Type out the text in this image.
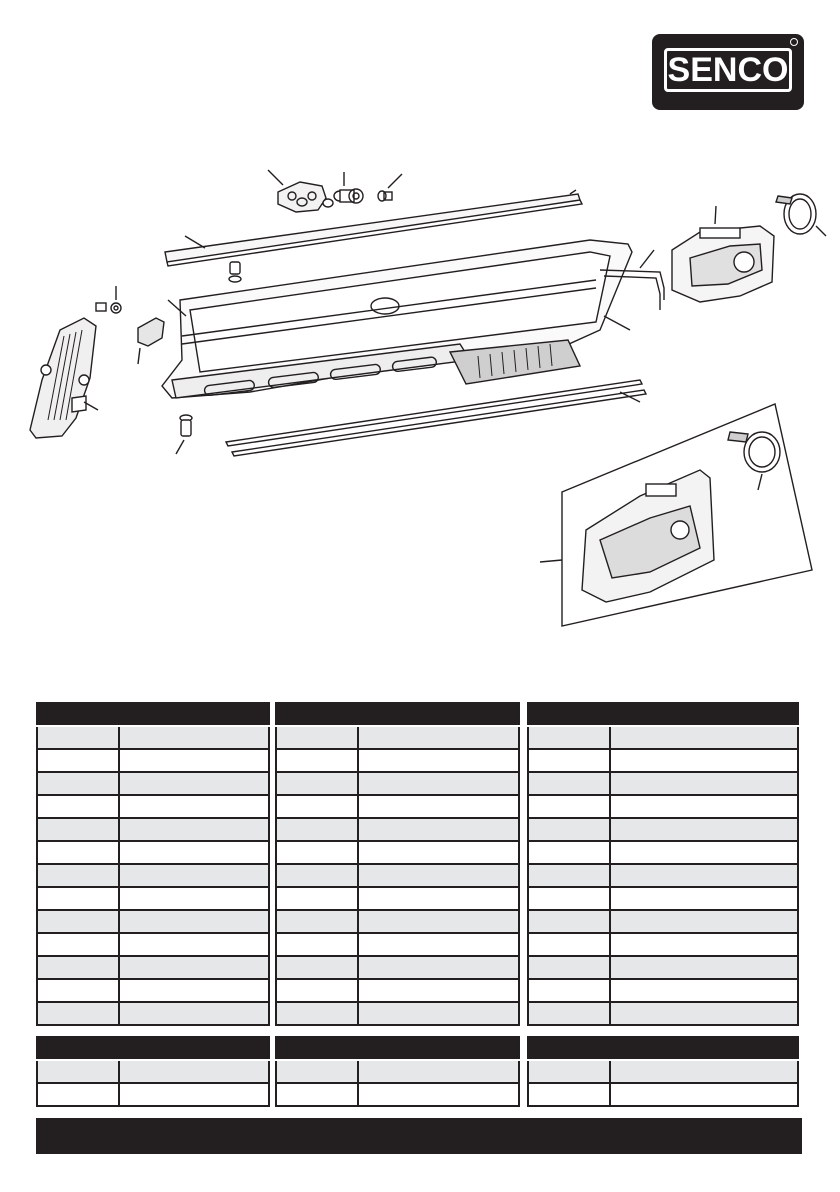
SENCO
